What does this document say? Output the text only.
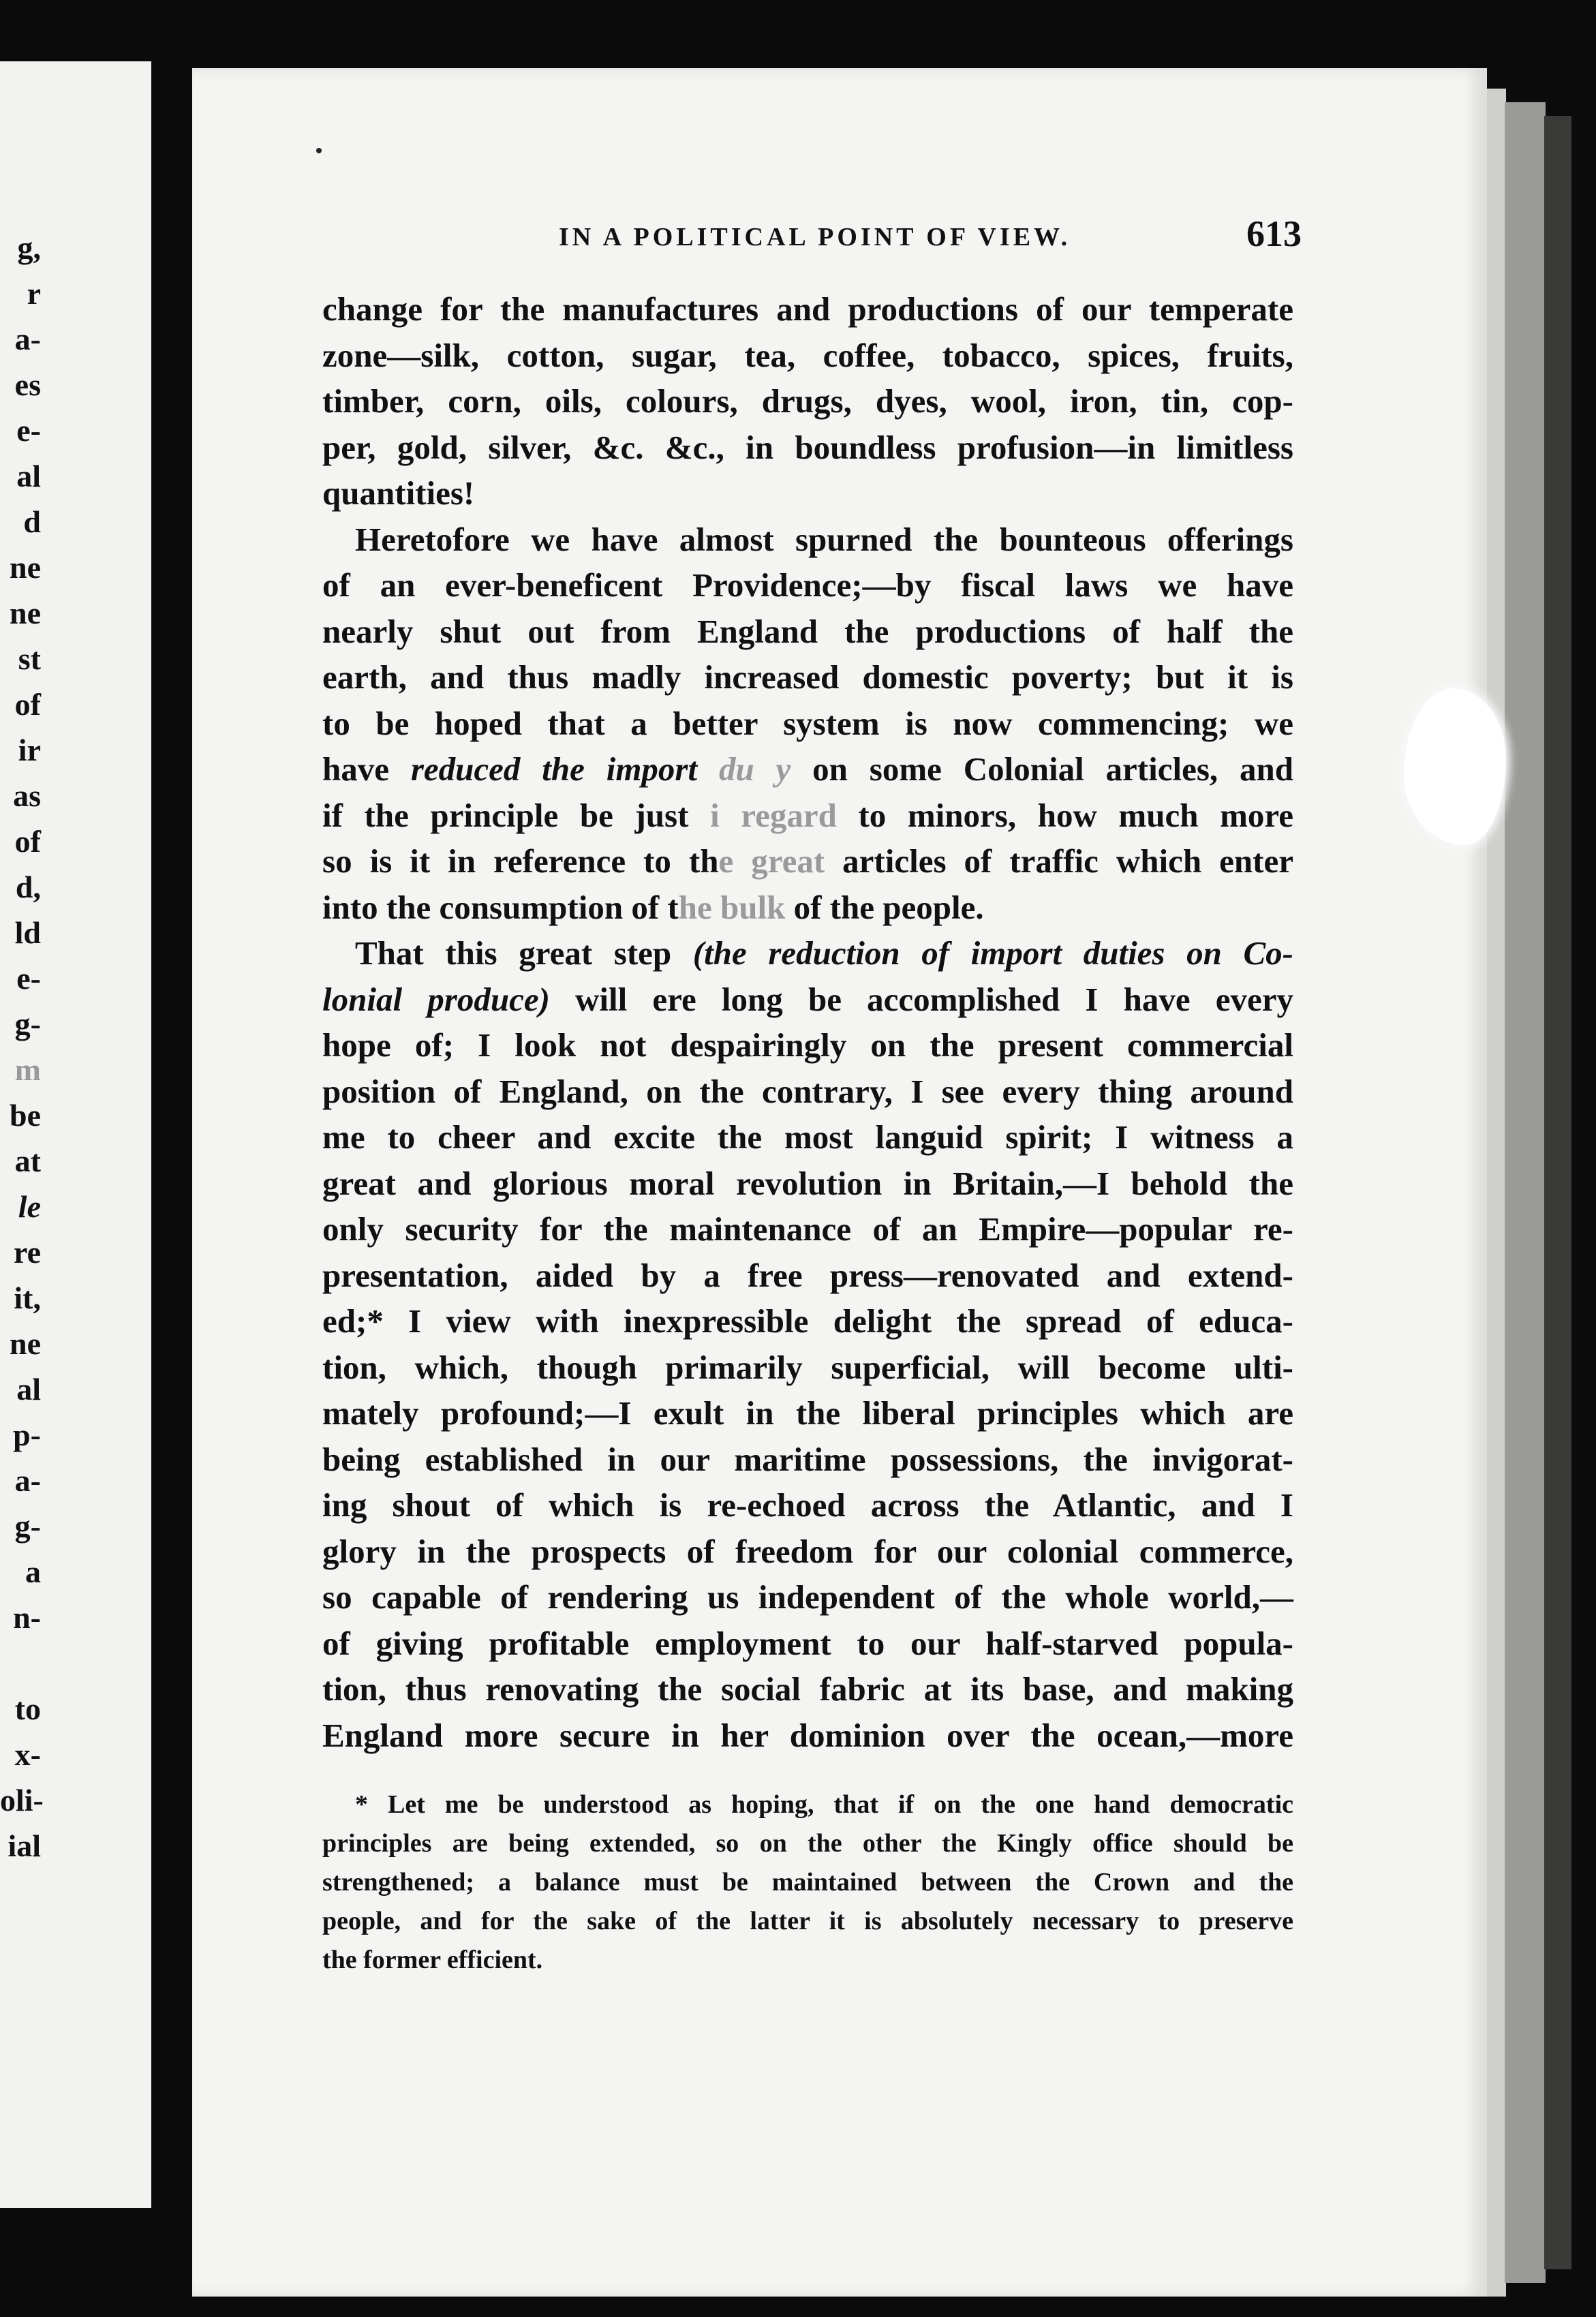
g,
r
a-
es
e-
al
d
ne
ne
st
of
ir
as
of
d,
ld
e-
g-
m
be
at
le
re
it,
ne
al
p-
a-
g-
a
n-
to
x-
oli-
ial
IN A POLITICAL POINT OF VIEW.	613
change for the manufactures and productions of our temperate
zone—silk, cotton, sugar, tea, coffee, tobacco, spices, fruits,
timber, corn, oils, colours, drugs, dyes, wool, iron, tin, cop-
per, gold, silver, &c. &c., in boundless profusion—in limitless
quantities!
Heretofore we have almost spurned the bounteous offerings
of an ever-beneficent Providence;—by fiscal laws we have
nearly shut out from England the productions of half the
earth, and thus madly increased domestic poverty; but it is
to be hoped that a better system is now commencing; we
have reduced the import du y on some Colonial articles, and
if the principle be just i regard to minors, how much more
so is it in reference to the great articles of traffic which enter
into the consumption of the bulk of the people.
That this great step (the reduction of import duties on Co-
lonial produce) will ere long be accomplished I have every
hope of; I look not despairingly on the present commercial
position of England, on the contrary, I see every thing around
me to cheer and excite the most languid spirit; I witness a
great and glorious moral revolution in Britain,—I behold the
only security for the maintenance of an Empire—popular re-
presentation, aided by a free press—renovated and extend-
ed;* I view with inexpressible delight the spread of educa-
tion, which, though primarily superficial, will become ulti-
mately profound;—I exult in the liberal principles which are
being established in our maritime possessions, the invigorat-
ing shout of which is re-echoed across the Atlantic, and I
glory in the prospects of freedom for our colonial commerce,
so capable of rendering us independent of the whole world,—
of giving profitable employment to our half-starved popula-
tion, thus renovating the social fabric at its base, and making
England more secure in her dominion over the ocean,—more
* Let me be understood as hoping, that if on the one hand democratic
principles are being extended, so on the other the Kingly office should be
strengthened; a balance must be maintained between the Crown and the
people, and for the sake of the latter it is absolutely necessary to preserve
the former efficient.
